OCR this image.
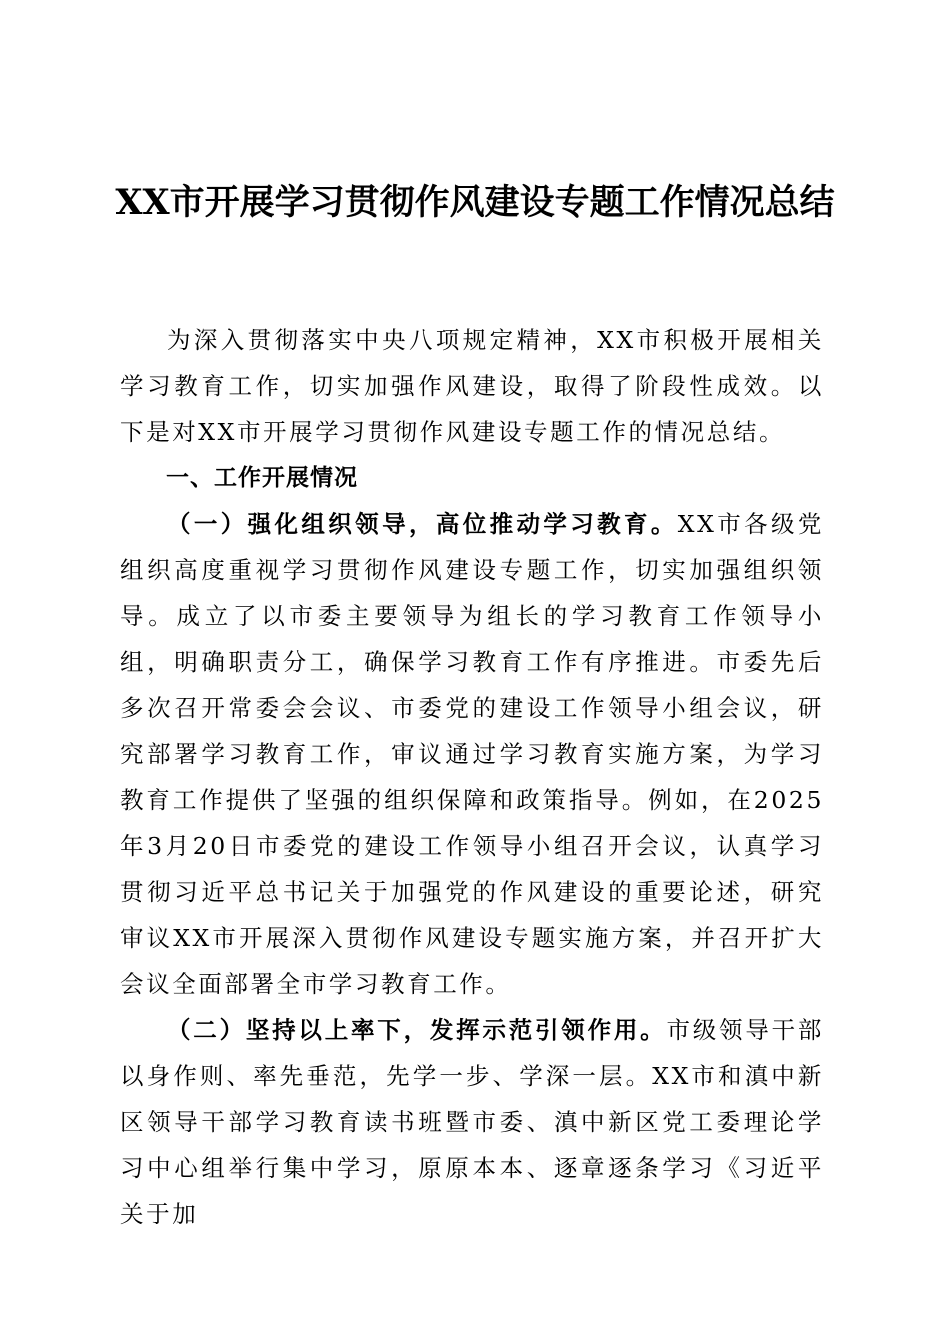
XX市开展学习贯彻作风建设专题工作情况总结

为深入贯彻落实中央八项规定精神，XX市积极开展相关学习教育工作，切实加强作风建设，取得了阶段性成效。以下是对XX市开展学习贯彻作风建设专题工作的情况总结。

一、工作开展情况

（一）强化组织领导，高位推动学习教育。XX市各级党组织高度重视学习贯彻作风建设专题工作，切实加强组织领导。成立了以市委主要领导为组长的学习教育工作领导小组，明确职责分工，确保学习教育工作有序推进。市委先后多次召开常委会会议、市委党的建设工作领导小组会议，研究部署学习教育工作，审议通过学习教育实施方案，为学习教育工作提供了坚强的组织保障和政策指导。例如，在2025年3月20日市委党的建设工作领导小组召开会议，认真学习贯彻习近平总书记关于加强党的作风建设的重要论述，研究审议XX市开展深入贯彻作风建设专题实施方案，并召开扩大会议全面部署全市学习教育工作。

（二）坚持以上率下，发挥示范引领作用。市级领导干部以身作则、率先垂范，先学一步、学深一层。XX市和滇中新区领导干部学习教育读书班暨市委、滇中新区党工委理论学习中心组举行集中学习，原原本本、逐章逐条学习《习近平关于加
